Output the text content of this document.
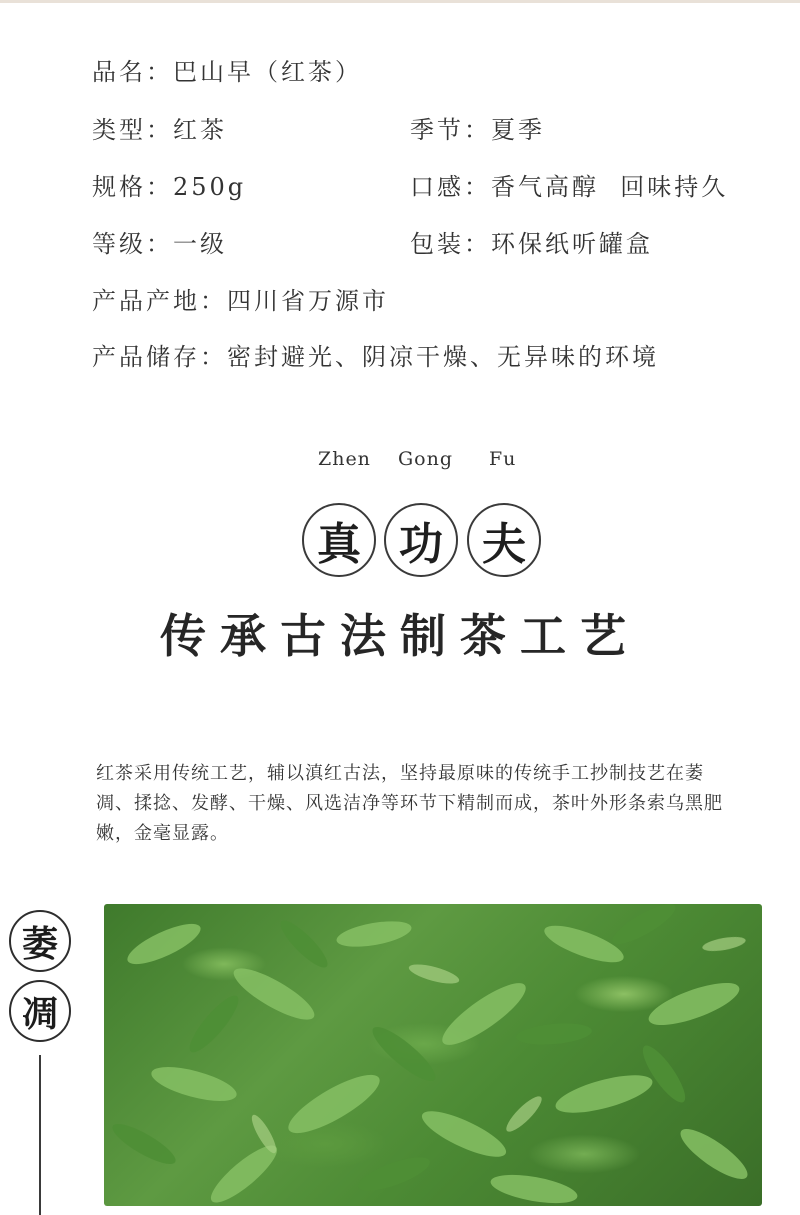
品名：巴山早（红茶）
类型：红茶	季节：夏季
规格：250g	口感：香气高醇  回味持久
等级：一级	包装：环保纸听罐盒
产品产地：四川省万源市
产品储存：密封避光、阴凉干燥、无异味的环境
Zhen Gong Fu
真 功 夫
传承古法制茶工艺
红茶采用传统工艺，辅以滇红古法，坚持最原味的传统手工抄制技艺在萎凋、揉捻、发酵、干燥、风选洁净等环节下精制而成，茶叶外形条索乌黑肥嫩，金毫显露。
萎
凋
